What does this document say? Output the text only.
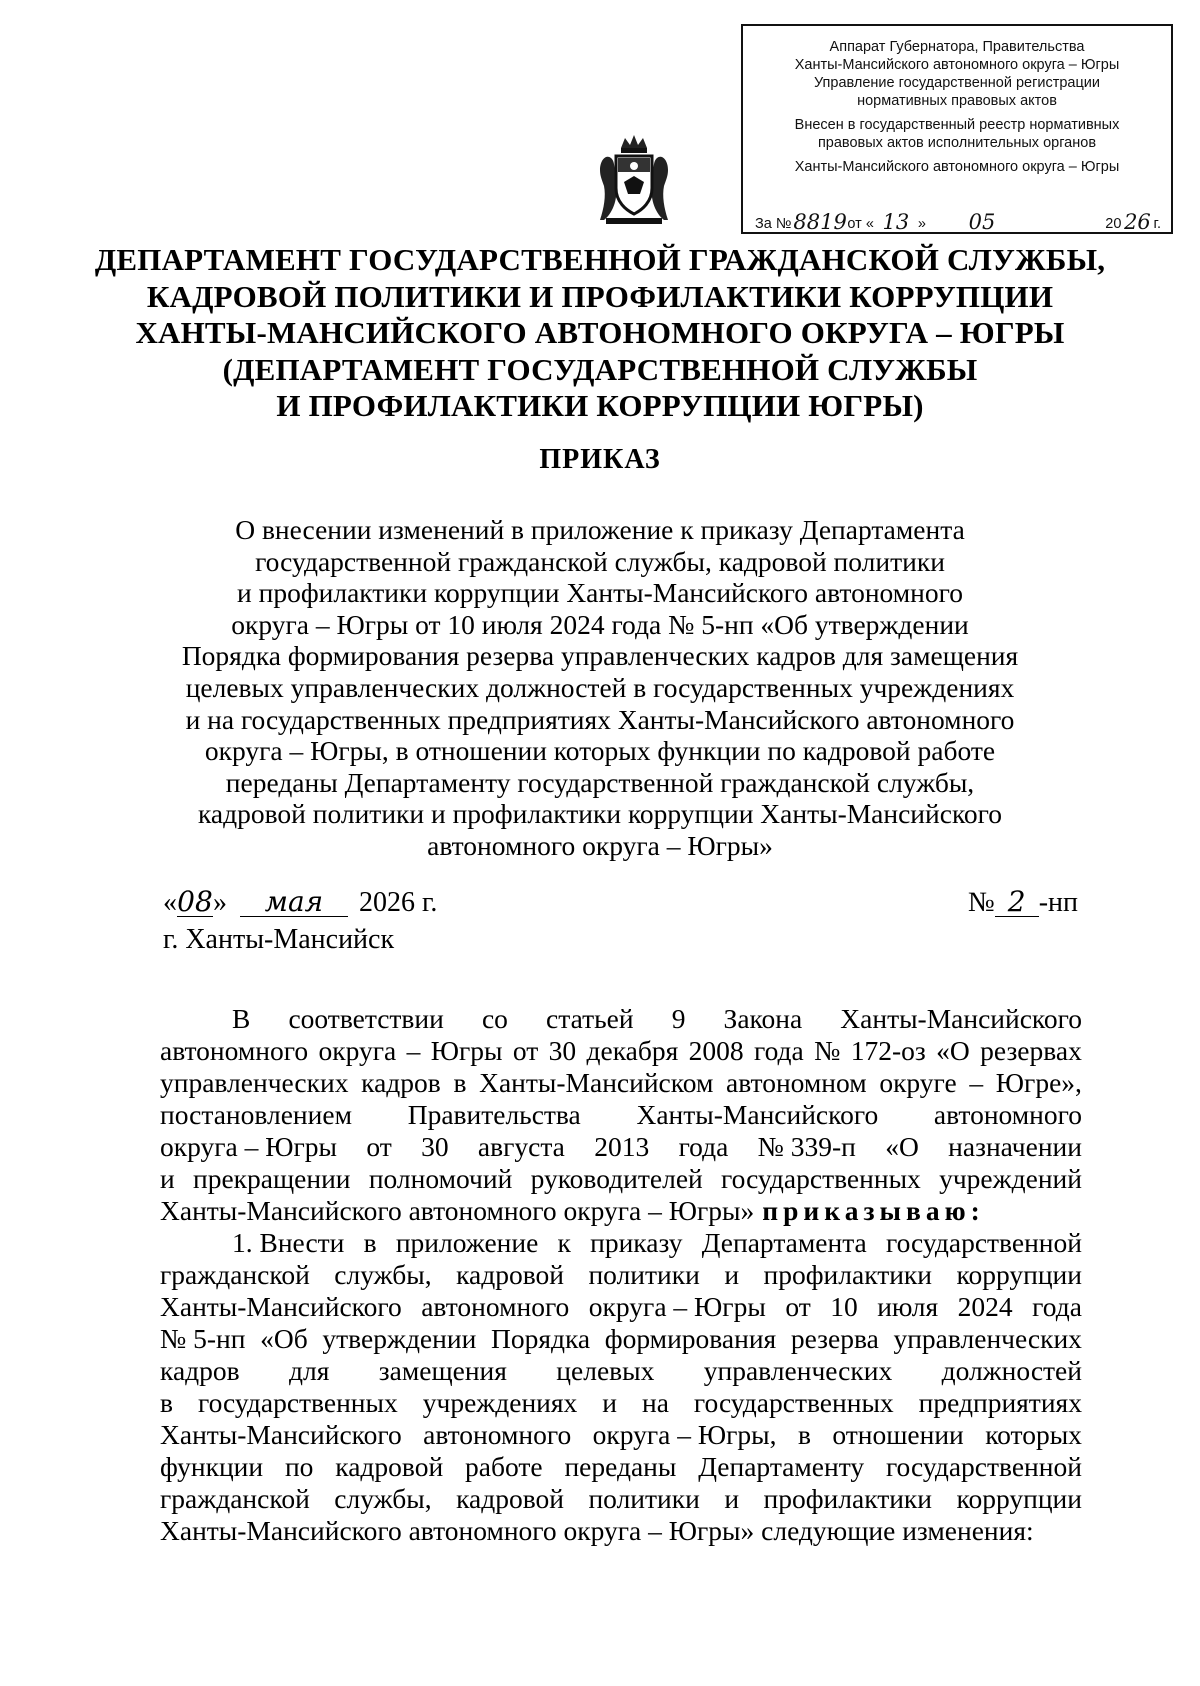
Аппарат Губернатора, Правительства
Ханты-Мансийского автономного округа – Югры
Управление государственной регистрации
нормативных правовых актов
Внесен в государственный реестр нормативных
правовых актов исполнительных органов
Ханты-Мансийского автономного округа – Югры
За № 8819 от « 13 »	05	20 26 г.
ДЕПАРТАМЕНТ ГОСУДАРСТВЕННОЙ ГРАЖДАНСКОЙ СЛУЖБЫ,
КАДРОВОЙ ПОЛИТИКИ И ПРОФИЛАКТИКИ КОРРУПЦИИ
ХАНТЫ-МАНСИЙСКОГО АВТОНОМНОГО ОКРУГА – ЮГРЫ
(ДЕПАРТАМЕНТ ГОСУДАРСТВЕННОЙ СЛУЖБЫ
И ПРОФИЛАКТИКИ КОРРУПЦИИ ЮГРЫ)
ПРИКАЗ
О внесении изменений в приложение к приказу Департамента
государственной гражданской службы, кадровой политики
и профилактики коррупции Ханты-Мансийского автономного
округа – Югры от 10 июля 2024 года № 5-нп «Об утверждении
Порядка формирования резерва управленческих кадров для замещения
целевых управленческих должностей в государственных учреждениях
и на государственных предприятиях Ханты-Мансийского автономного
округа – Югры, в отношении которых функции по кадровой работе
переданы Департаменту государственной гражданской службы,
кадровой политики и профилактики коррупции Ханты-Мансийского
автономного округа – Югры»
«08» мая 2026 г.
г. Ханты-Мансийск
№ 2 -нп
В соответствии со статьей 9 Закона Ханты-Мансийского
автономного округа – Югры от 30 декабря 2008 года № 172-оз «О резервах
управленческих кадров в Ханты-Мансийском автономном округе – Югре»,
постановлением Правительства Ханты-Мансийского автономного
округа – Югры от 30 августа 2013 года № 339-п «О назначении
и прекращении полномочий руководителей государственных учреждений
Ханты-Мансийского автономного округа – Югры» приказываю:
1. Внести в приложение к приказу Департамента государственной
гражданской службы, кадровой политики и профилактики коррупции
Ханты-Мансийского автономного округа – Югры от 10 июля 2024 года
№ 5-нп «Об утверждении Порядка формирования резерва управленческих
кадров для замещения целевых управленческих должностей
в государственных учреждениях и на государственных предприятиях
Ханты-Мансийского автономного округа – Югры, в отношении которых
функции по кадровой работе переданы Департаменту государственной
гражданской службы, кадровой политики и профилактики коррупции
Ханты-Мансийского автономного округа – Югры» следующие изменения:
